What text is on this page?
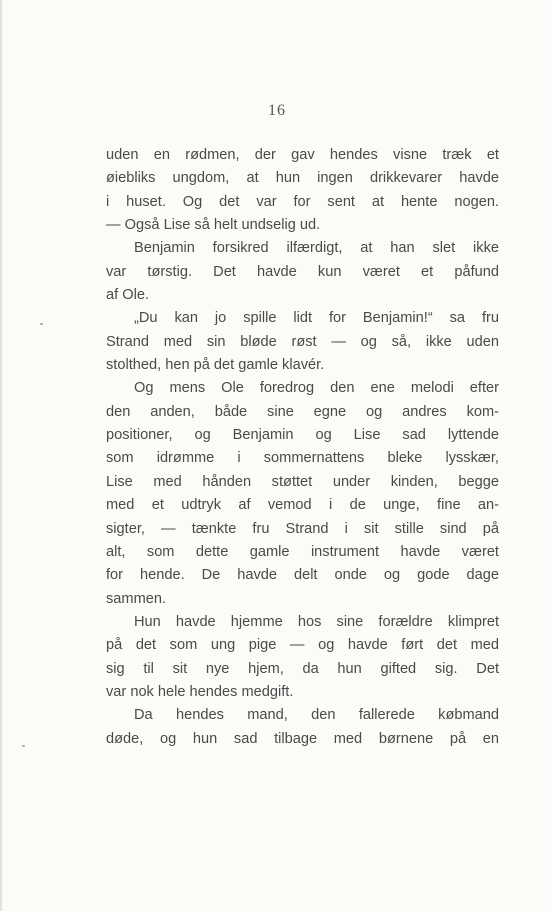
16
uden en rødmen, der gav hendes visne træk et
øiebliks ungdom, at hun ingen drikkevarer havde
i huset. Og det var for sent at hente nogen.
— Også Lise så helt undselig ud.
Benjamin forsikred ilfærdigt, at han slet ikke
var tørstig. Det havde kun været et påfund
af Ole.
„Du kan jo spille lidt for Benjamin!“ sa fru
Strand med sin bløde røst — og så, ikke uden
stolthed, hen på det gamle klavér.
Og mens Ole foredrog den ene melodi efter
den anden, både sine egne og andres kom-
positioner, og Benjamin og Lise sad lyttende
som idrømme i sommernattens bleke lysskær,
Lise med hånden støttet under kinden, begge
med et udtryk af vemod i de unge, fine an-
sigter, — tænkte fru Strand i sit stille sind på
alt, som dette gamle instrument havde været
for hende. De havde delt onde og gode dage
sammen.
Hun havde hjemme hos sine forældre klimpret
på det som ung pige — og havde ført det med
sig til sit nye hjem, da hun gifted sig. Det
var nok hele hendes medgift.
Da hendes mand, den fallerede købmand
døde, og hun sad tilbage med børnene på en
